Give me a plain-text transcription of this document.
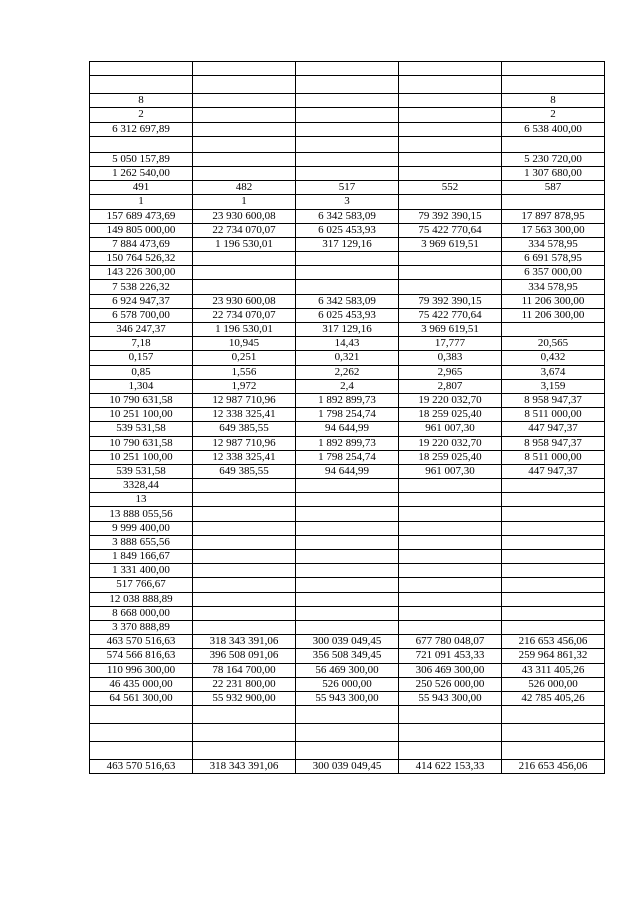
8				8
2				2
6 312 697,89				6 538 400,00

5 050 157,89				5 230 720,00
1 262 540,00				1 307 680,00
491	482	517	552	587
1	1	3		
157 689 473,69	23 930 600,08	6 342 583,09	79 392 390,15	17 897 878,95
149 805 000,00	22 734 070,07	6 025 453,93	75 422 770,64	17 563 300,00
7 884 473,69	1 196 530,01	317 129,16	3 969 619,51	334 578,95
150 764 526,32				6 691 578,95
143 226 300,00				6 357 000,00
7 538 226,32				334 578,95
6 924 947,37	23 930 600,08	6 342 583,09	79 392 390,15	11 206 300,00
6 578 700,00	22 734 070,07	6 025 453,93	75 422 770,64	11 206 300,00
346 247,37	1 196 530,01	317 129,16	3 969 619,51	
7,18	10,945	14,43	17,777	20,565
0,157	0,251	0,321	0,383	0,432
0,85	1,556	2,262	2,965	3,674
1,304	1,972	2,4	2,807	3,159
10 790 631,58	12 987 710,96	1 892 899,73	19 220 032,70	8 958 947,37
10 251 100,00	12 338 325,41	1 798 254,74	18 259 025,40	8 511 000,00
539 531,58	649 385,55	94 644,99	961 007,30	447 947,37
10 790 631,58	12 987 710,96	1 892 899,73	19 220 032,70	8 958 947,37
10 251 100,00	12 338 325,41	1 798 254,74	18 259 025,40	8 511 000,00
539 531,58	649 385,55	94 644,99	961 007,30	447 947,37
3328,44				
13				
13 888 055,56				
9 999 400,00				
3 888 655,56				
1 849 166,67				
1 331 400,00				
517 766,67				
12 038 888,89				
8 668 000,00				
3 370 888,89				
463 570 516,63	318 343 391,06	300 039 049,45	677 780 048,07	216 653 456,06
574 566 816,63	396 508 091,06	356 508 349,45	721 091 453,33	259 964 861,32
110 996 300,00	78 164 700,00	56 469 300,00	306 469 300,00	43 311 405,26
46 435 000,00	22 231 800,00	526 000,00	250 526 000,00	526 000,00
64 561 300,00	55 932 900,00	55 943 300,00	55 943 300,00	42 785 405,26

463 570 516,63	318 343 391,06	300 039 049,45	414 622 153,33	216 653 456,06
